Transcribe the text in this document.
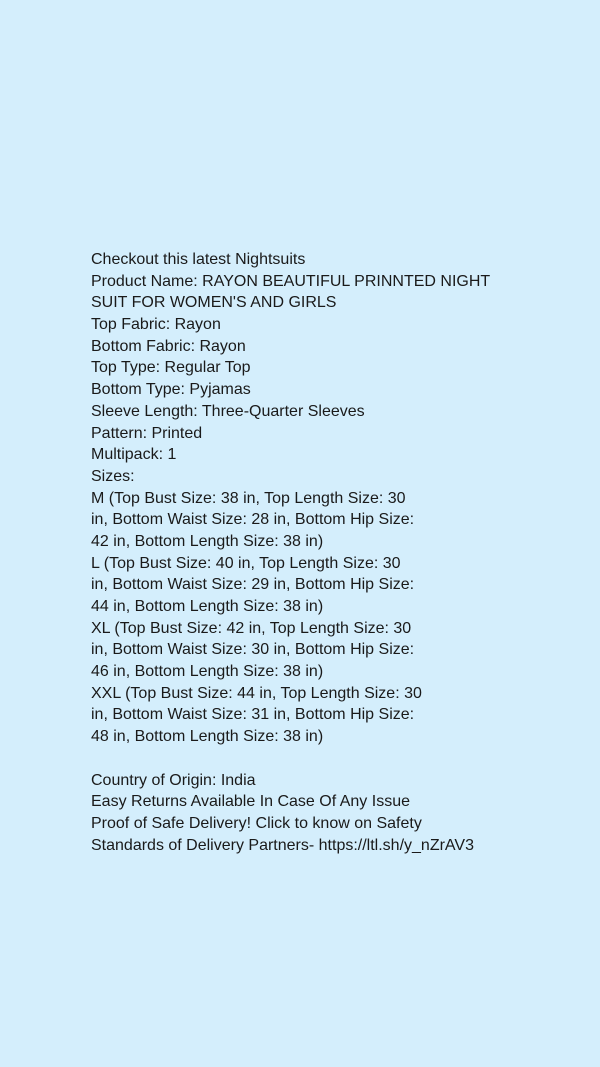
Checkout this latest Nightsuits
Product Name: RAYON BEAUTIFUL PRINNTED NIGHT
SUIT FOR WOMEN'S AND GIRLS
Top Fabric: Rayon
Bottom Fabric: Rayon
Top Type: Regular Top
Bottom Type: Pyjamas
Sleeve Length: Three-Quarter Sleeves
Pattern: Printed
Multipack: 1
Sizes:
M (Top Bust Size: 38 in, Top Length Size: 30
in, Bottom Waist Size: 28 in, Bottom Hip Size:
42 in, Bottom Length Size: 38 in)
L (Top Bust Size: 40 in, Top Length Size: 30
in, Bottom Waist Size: 29 in, Bottom Hip Size:
44 in, Bottom Length Size: 38 in)
XL (Top Bust Size: 42 in, Top Length Size: 30
in, Bottom Waist Size: 30 in, Bottom Hip Size:
46 in, Bottom Length Size: 38 in)
XXL (Top Bust Size: 44 in, Top Length Size: 30
in, Bottom Waist Size: 31 in, Bottom Hip Size:
48 in, Bottom Length Size: 38 in)
Country of Origin: India
Easy Returns Available In Case Of Any Issue
Proof of Safe Delivery! Click to know on Safety
Standards of Delivery Partners- https://ltl.sh/y_nZrAV3
